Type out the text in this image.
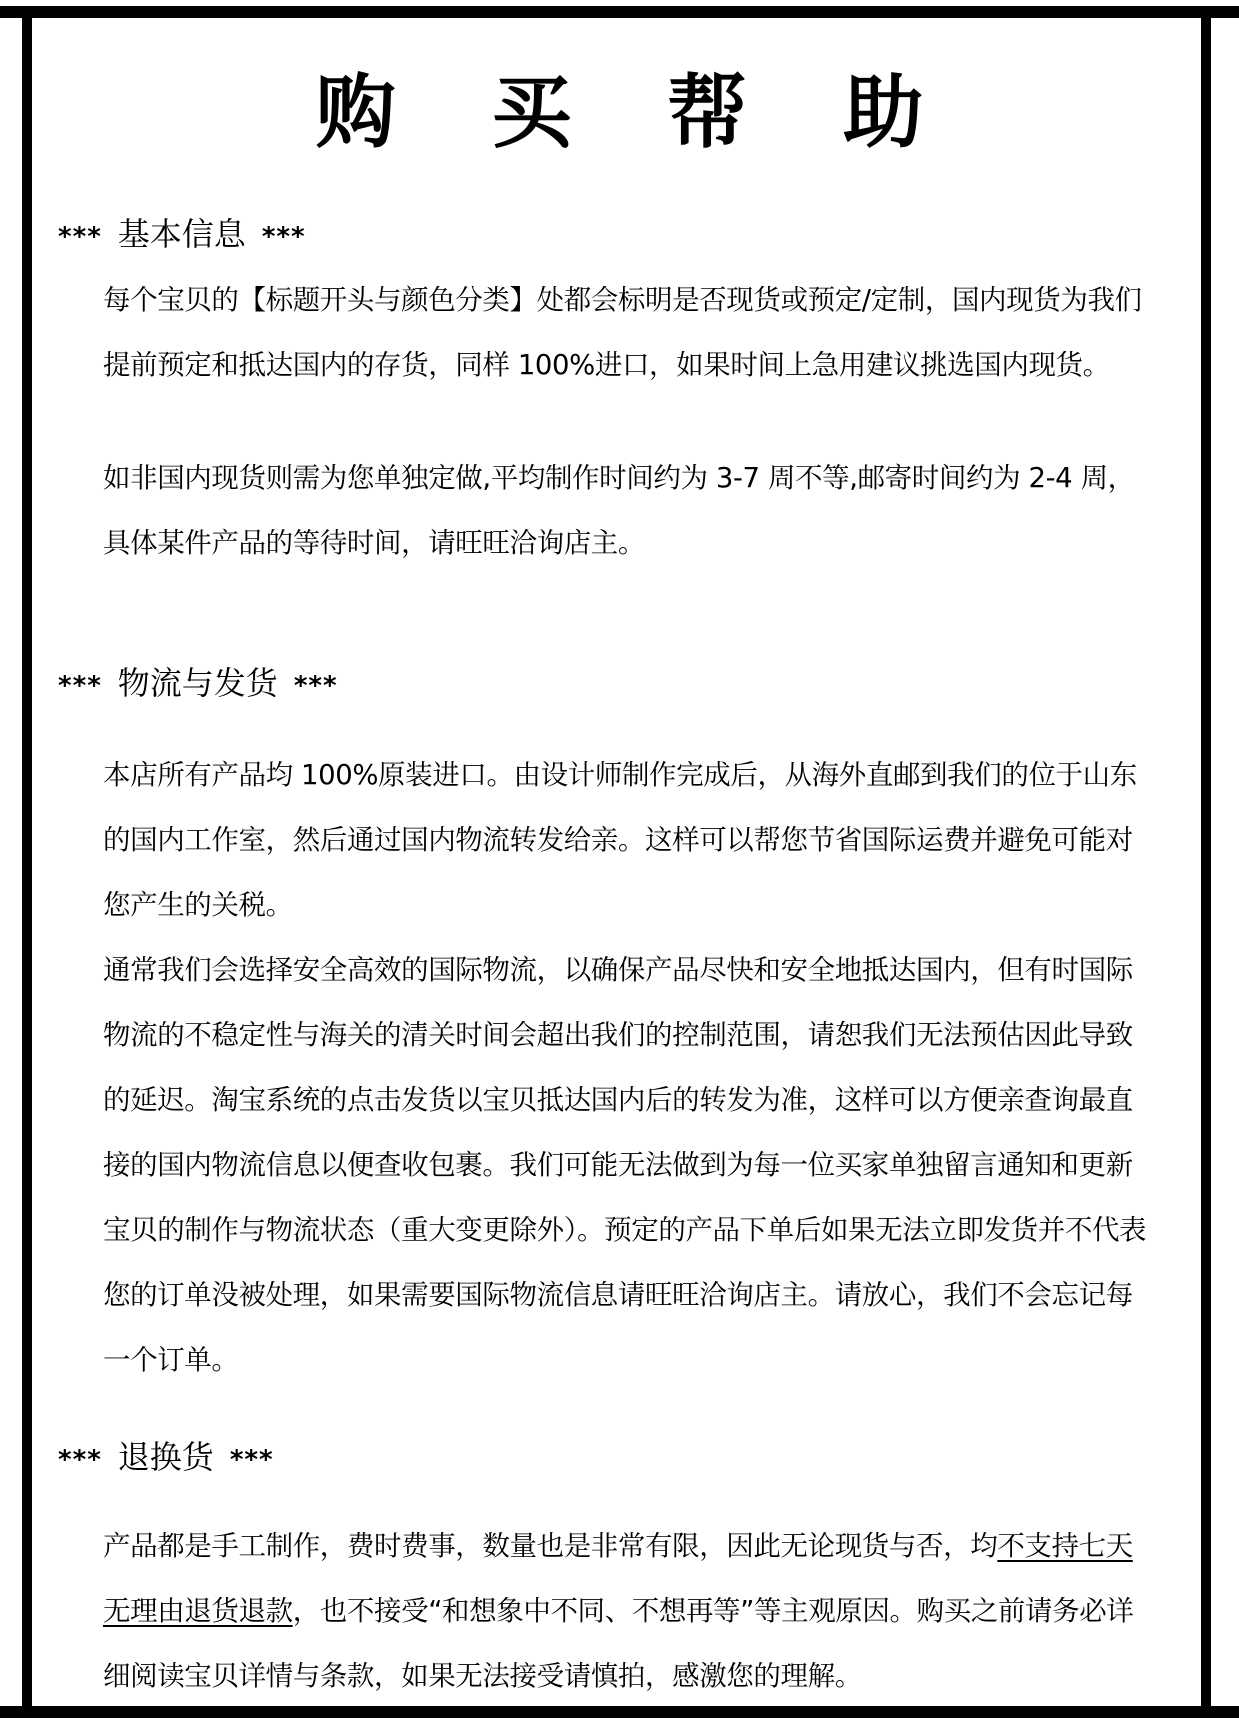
购 买 帮 助
*** 基本信息 ***

每个宝贝的【标题开头与颜色分类】处都会标明是否现货或预定/定制，国内现货为我们提前预定和抵达国内的存货，同样 100%进口，如果时间上急用建议挑选国内现货。

如非国内现货则需为您单独定做,平均制作时间约为 3-7 周不等,邮寄时间约为 2-4 周，具体某件产品的等待时间，请旺旺洽询店主。

*** 物流与发货 ***

本店所有产品均 100%原装进口。由设计师制作完成后，从海外直邮到我们的位于山东的国内工作室，然后通过国内物流转发给亲。这样可以帮您节省国际运费并避免可能对您产生的关税。

通常我们会选择安全高效的国际物流，以确保产品尽快和安全地抵达国内，但有时国际物流的不稳定性与海关的清关时间会超出我们的控制范围，请恕我们无法预估因此导致的延迟。淘宝系统的点击发货以宝贝抵达国内后的转发为准，这样可以方便亲查询最直接的国内物流信息以便查收包裹。我们可能无法做到为每一位买家单独留言通知和更新宝贝的制作与物流状态（重大变更除外）。预定的产品下单后如果无法立即发货并不代表您的订单没被处理，如果需要国际物流信息请旺旺洽询店主。请放心，我们不会忘记每一个订单。

*** 退换货 ***

产品都是手工制作，费时费事，数量也是非常有限，因此无论现货与否，均不支持七天无理由退货退款，也不接受“和想象中不同、不想再等”等主观原因。购买之前请务必详细阅读宝贝详情与条款，如果无法接受请慎拍，感激您的理解。
